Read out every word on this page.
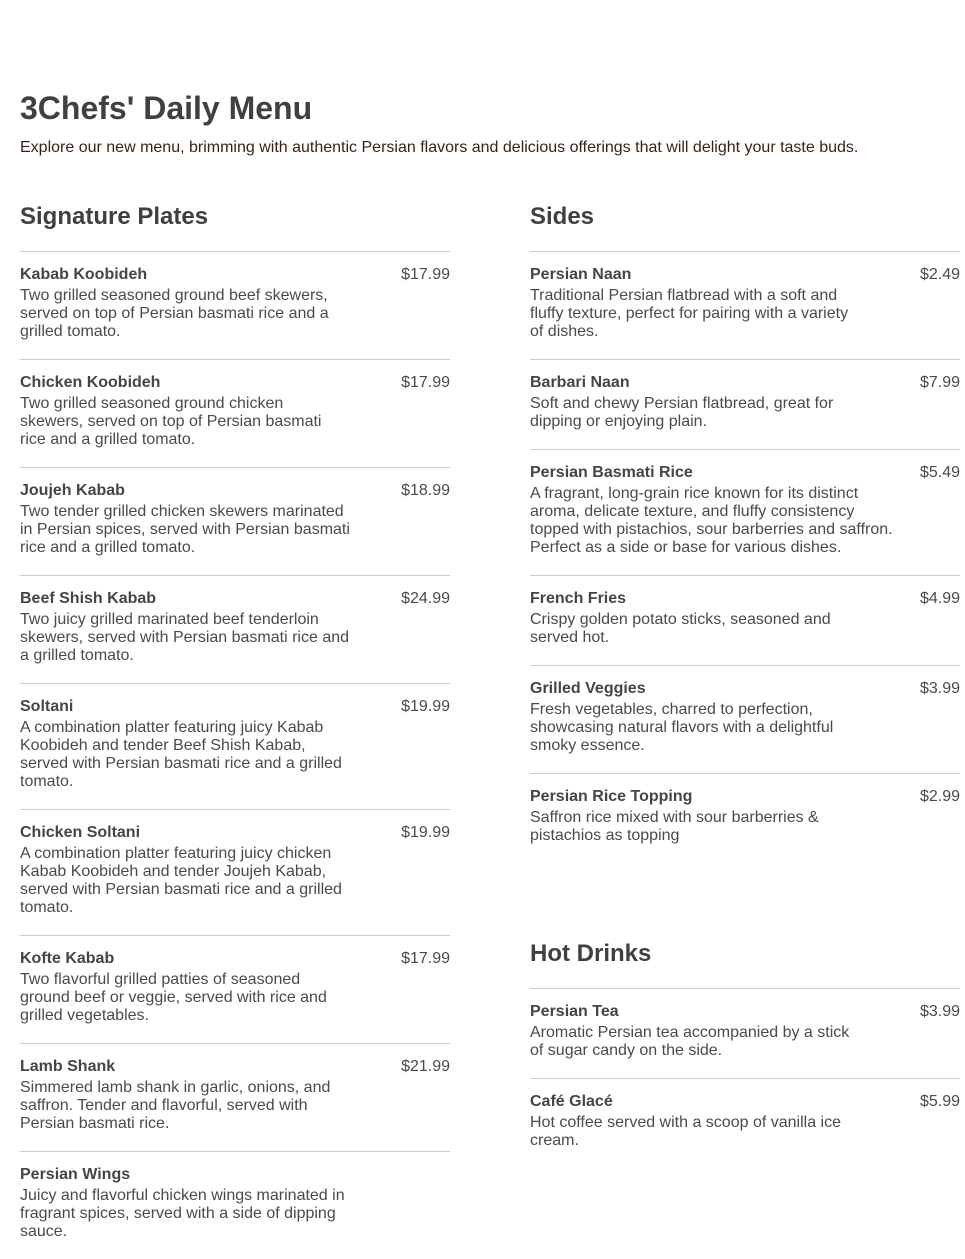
3Chefs' Daily Menu

Explore our new menu, brimming with authentic Persian flavors and delicious offerings that will delight your taste buds.

Signature Plates
Kabab Koobideh	$17.99
Two grilled seasoned ground beef skewers, served on top of Persian basmati rice and a grilled tomato.
Chicken Koobideh	$17.99
Two grilled seasoned ground chicken skewers, served on top of Persian basmati rice and a grilled tomato.
Joujeh Kabab	$18.99
Two tender grilled chicken skewers marinated in Persian spices, served with Persian basmati rice and a grilled tomato.
Beef Shish Kabab	$24.99
Two juicy grilled marinated beef tenderloin skewers, served with Persian basmati rice and a grilled tomato.
Soltani	$19.99
A combination platter featuring juicy Kabab Koobideh and tender Beef Shish Kabab, served with Persian basmati rice and a grilled tomato.
Chicken Soltani	$19.99
A combination platter featuring juicy chicken Kabab Koobideh and tender Joujeh Kabab, served with Persian basmati rice and a grilled tomato.
Kofte Kabab	$17.99
Two flavorful grilled patties of seasoned ground beef or veggie, served with rice and grilled vegetables.
Lamb Shank	$21.99
Simmered lamb shank in garlic, onions, and saffron. Tender and flavorful, served with Persian basmati rice.
Persian Wings
Juicy and flavorful chicken wings marinated in fragrant spices, served with a side of dipping sauce.
Sides
Persian Naan	$2.49
Traditional Persian flatbread with a soft and fluffy texture, perfect for pairing with a variety of dishes.
Barbari Naan	$7.99
Soft and chewy Persian flatbread, great for dipping or enjoying plain.
Persian Basmati Rice	$5.49
A fragrant, long-grain rice known for its distinct aroma, delicate texture, and fluffy consistency topped with pistachios, sour barberries and saffron. Perfect as a side or base for various dishes.
French Fries	$4.99
Crispy golden potato sticks, seasoned and served hot.
Grilled Veggies	$3.99
Fresh vegetables, charred to perfection, showcasing natural flavors with a delightful smoky essence.
Persian Rice Topping	$2.99
Saffron rice mixed with sour barberries & pistachios as topping
Hot Drinks
Persian Tea	$3.99
Aromatic Persian tea accompanied by a stick of sugar candy on the side.
Café Glacé	$5.99
Hot coffee served with a scoop of vanilla ice cream.
